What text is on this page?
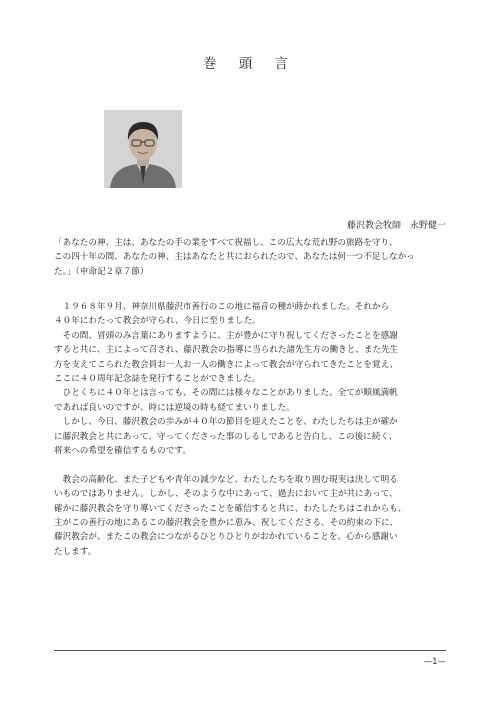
巻 頭 言
藤沢教会牧師　永野健一

「あなたの神、主は、あなたの手の業をすべて祝福し、この広大な荒れ野の旅路を守り、

この四十年の間、あなたの神、主はあなたと共におられたので、あなたは何一つ不足しなかっ

た。」（申命記２章７節）

　１９６８年９月、神奈川県藤沢市善行のこの地に福音の種が蒔かれました。それから

４０年にわたって教会が守られ、今日に至りました。

　その間、冒頭のみ言葉にありますように、主が豊かに守り祝してくださったことを感謝

すると共に、主によって召され、藤沢教会の指導に当られた諸先生方の働きと、また先生

方を支えてこられた教会員お一人お一人の働きによって教会が守られてきたことを覚え、

ここに４０周年記念誌を発行することができました。

　ひとくちに４０年とは言っても、その間には様々なことがありました。全てが順風満帆

であれば良いのですが、時には逆境の時も経てまいりました。

　しかし、今日、藤沢教会の歩みが４０年の節目を迎えたことを、わたしたちは主が確か

に藤沢教会と共にあって、守ってくださった事のしるしであると告白し、この後に続く、

将来への希望を確信するものです。

　教会の高齢化、また子どもや青年の減少など、わたしたちを取り囲む現実は決して明る

いものではありません。しかし、そのような中にあって、過去において主が共にあって、

確かに藤沢教会を守り導いてくださったことを確信すると共に、わたしたちはこれからも、

主がこの善行の地にあるこの藤沢教会を豊かに恵み、祝してくださる、その約束の下に、

藤沢教会が、またこの教会につながるひとりひとりがおかれていることを、心から感謝い

たします。

—1—
